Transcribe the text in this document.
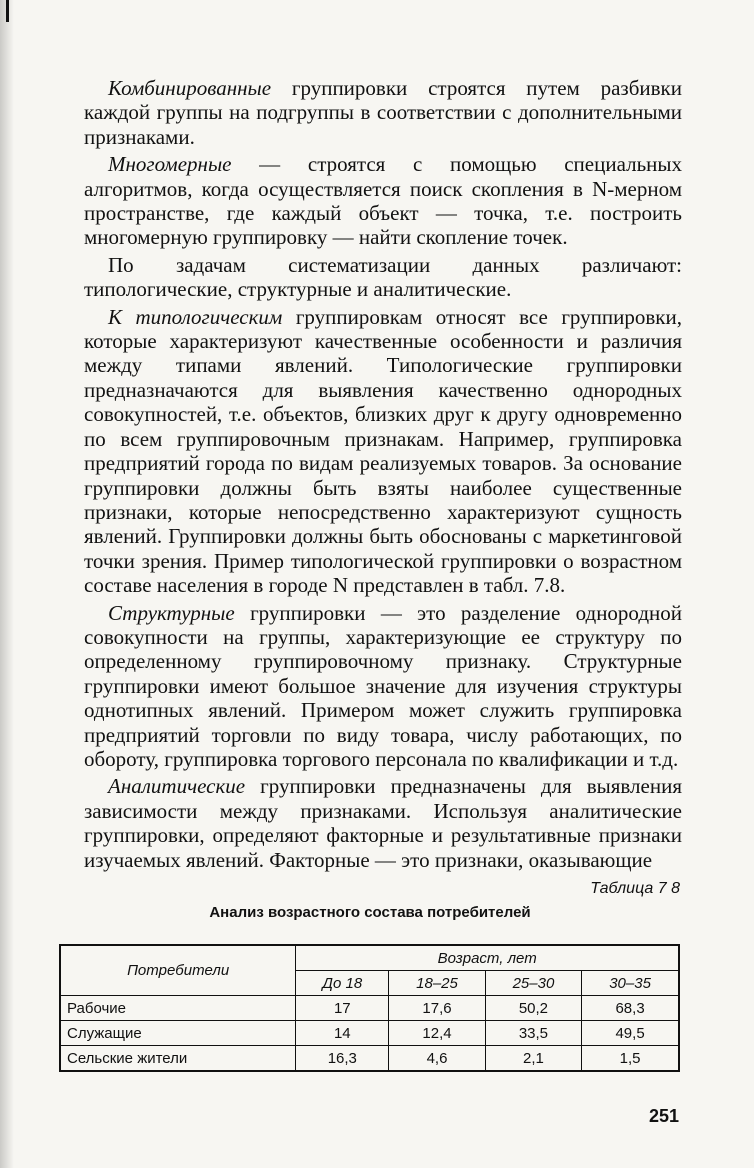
Комбинированные группировки строятся путем разбивки каждой группы на подгруппы в соответствии с дополнительными признаками.

Многомерные — строятся с помощью специальных алгоритмов, когда осуществляется поиск скопления в N-мерном пространстве, где каждый объект — точка, т.е. построить многомерную группировку — найти скопление точек.

По задачам систематизации данных различают: типологические, структурные и аналитические.

К типологическим группировкам относят все группировки, которые характеризуют качественные особенности и различия между типами явлений. Типологические группировки предназначаются для выявления качественно однородных совокупностей, т.е. объектов, близких друг к другу одновременно по всем группировочным признакам. Например, группировка предприятий города по видам реализуемых товаров. За основание группировки должны быть взяты наиболее существенные признаки, которые непосредственно характеризуют сущность явлений. Группировки должны быть обоснованы с маркетинговой точки зрения. Пример типологической группировки о возрастном составе населения в городе N представлен в табл. 7.8.

Структурные группировки — это разделение однородной совокупности на группы, характеризующие ее структуру по определенному группировочному признаку. Структурные группировки имеют большое значение для изучения структуры однотипных явлений. Примером может служить группировка предприятий торговли по виду товара, числу работающих, по обороту, группировка торгового персонала по квалификации и т.д.

Аналитические группировки предназначены для выявления зависимости между признаками. Используя аналитические группировки, определяют факторные и результативные признаки изучаемых явлений. Факторные — это признаки, оказывающие

Таблица 7 8
Анализ возрастного состава потребителей
Потребители	Возраст, лет			
	До 18	18–25	25–30	30–35
Рабочие	17	17,6	50,2	68,3
Служащие	14	12,4	33,5	49,5
Сельские жители	16,3	4,6	2,1	1,5
251
